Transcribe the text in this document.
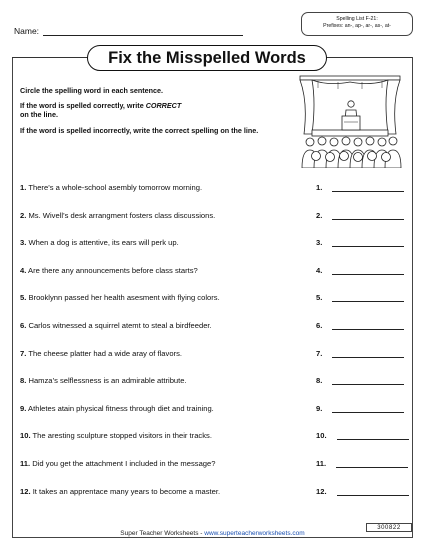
Name:
Spelling List F-21:
Prefixes: an-, ap-, ar-, as-, at-
Fix the Misspelled Words
Circle the spelling word in each sentence.
If the word is spelled correctly, write CORRECT
on the line.
If the word is spelled incorrectly, write the correct spelling on the line.
1. There’s a whole-school asembly tomorrow morning.	1.
2. Ms. Wivell’s desk arrangment fosters class discussions.	2.
3. When a dog is attentive, its ears will perk up.	3.
4. Are there any announcements before class starts?	4.
5. Brooklynn passed her health asesment with flying colors.	5.
6. Carlos witnessed a squirrel atemt to steal a birdfeeder.	6.
7. The cheese platter had a wide aray of flavors.	7.
8. Hamza’s selflessness is an admirable attribute.	8.
9. Athletes atain physical fitness through diet and training.	9.
10. The aresting sculpture stopped visitors in their tracks.	10.
11. Did you get the attachment I included in the message?	11.
12. It takes an apprentace many years to become a master.	12.
Super Teacher Worksheets - www.superteacherworksheets.com
300822
